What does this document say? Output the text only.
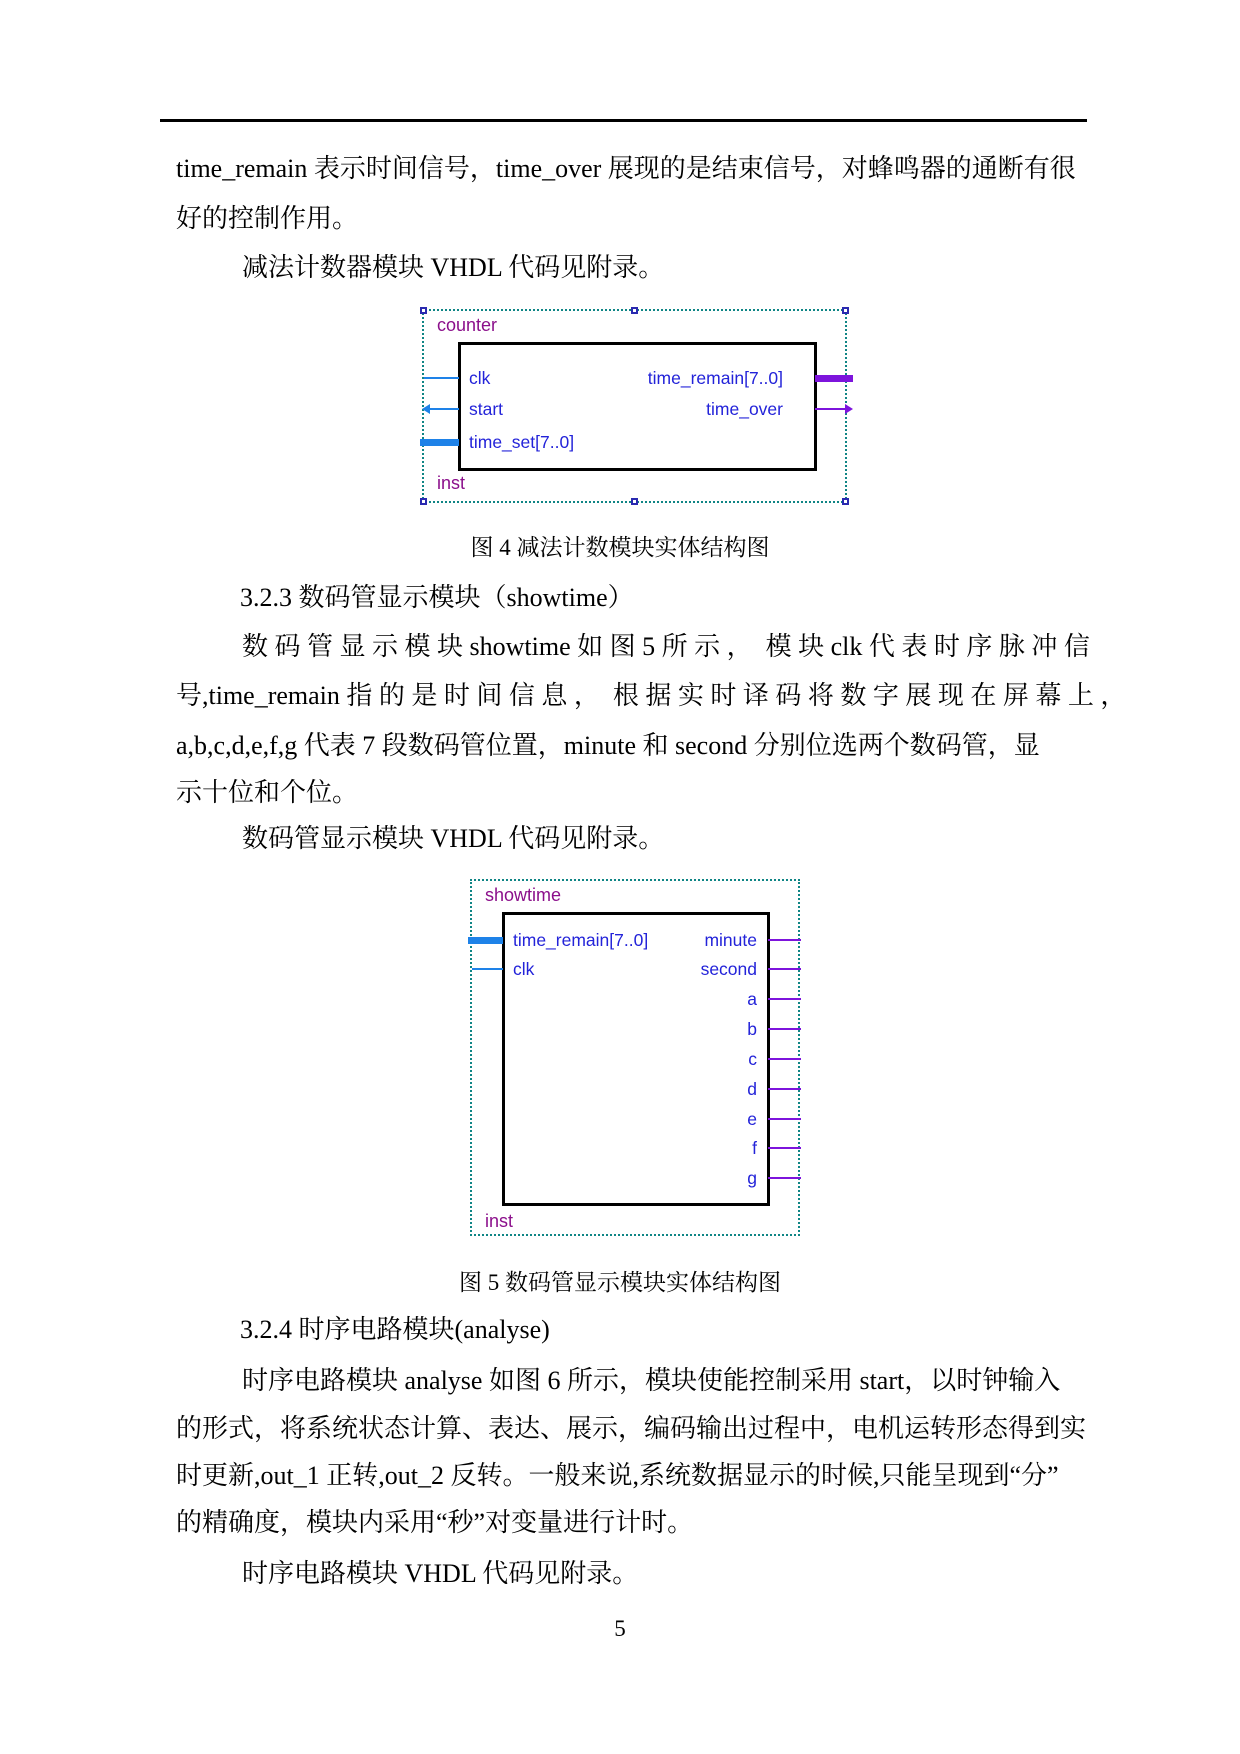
time_remain 表示时间信号，time_over 展现的是结束信号，对蜂鸣器的通断有很
好的控制作用。
减法计数器模块 VHDL 代码见附录。
数 码 管 显 示 模 块 showtime 如 图 5 所 示 ，  模 块 clk 代 表 时 序 脉 冲 信
号,time_remain 指 的 是 时 间 信 息 ，  根 据 实 时 译 码 将 数 字 展 现 在 屏 幕 上 ，
a,b,c,d,e,f,g 代表 7 段数码管位置，minute 和 second 分别位选两个数码管，显
示十位和个位。
数码管显示模块 VHDL 代码见附录。
时序电路模块 analyse 如图 6 所示，模块使能控制采用 start，以时钟输入
的形式，将系统状态计算、表达、展示，编码输出过程中，电机运转形态得到实
时更新,out_1 正转,out_2 反转。一般来说,系统数据显示的时候,只能呈现到“分”
的精确度，模块内采用“秒”对变量进行计时。
时序电路模块 VHDL 代码见附录。
counter
clk
start
time_set[7..0]
time_remain[7..0]
time_over
inst
图 4 减法计数模块实体结构图
3.2.3 数码管显示模块（showtime）
showtime
time_remain[7..0]
clk
minute
second
a
b
c
d
e
f
g
inst
图 5 数码管显示模块实体结构图
3.2.4 时序电路模块(analyse)
5
